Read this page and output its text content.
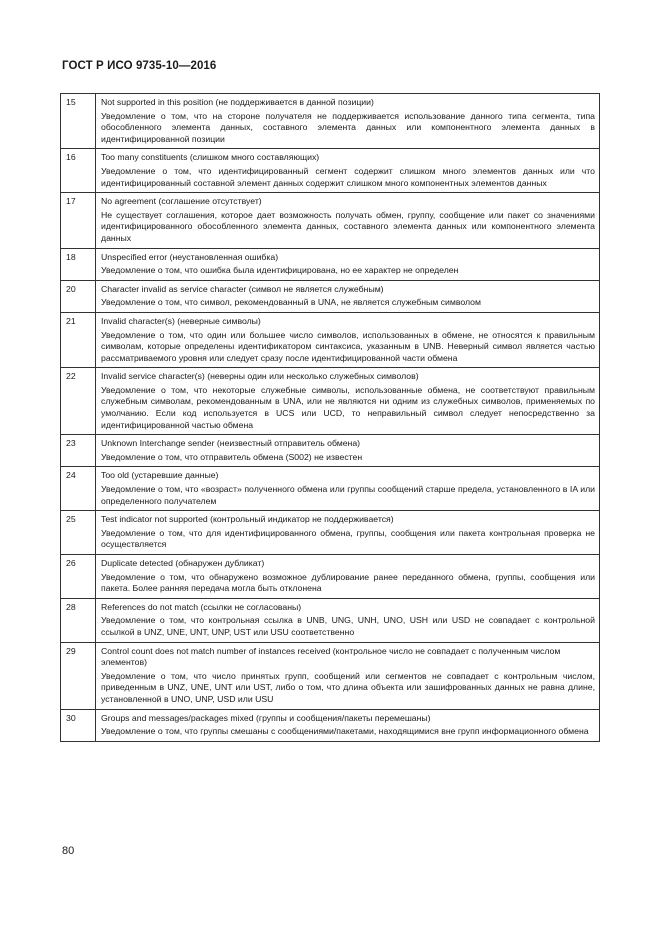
ГОСТ Р ИСО 9735-10—2016
15	Not supported in this position (не поддерживается в данной позиции)
Уведомление о том, что на стороне получателя не поддерживается использование данного типа сегмента, типа обособленного элемента данных, составного элемента данных или компонентного элемента данных в идентифицированной позиции

16	Too many constituents (слишком много составляющих)
Уведомление о том, что идентифицированный сегмент содержит слишком много элементов данных или что идентифицированный составной элемент данных содержит слишком много компонентных элементов данных

17	No agreement (соглашение отсутствует)
Не существует соглашения, которое дает возможность получать обмен, группу, сообщение или пакет со значениями идентифицированного обособленного элемента данных, составного элемента данных или компонентного элемента данных

18	Unspecified error (неустановленная ошибка)
Уведомление о том, что ошибка была идентифицирована, но ее характер не определен

20	Character invalid as service character (символ не является служебным)
Уведомление о том, что символ, рекомендованный в UNA, не является служебным символом

21	Invalid character(s) (неверные символы)
Уведомление о том, что один или большее число символов, использованных в обмене, не относятся к правильным символам, которые определены идентификатором синтаксиса, указанным в UNB. Неверный символ является частью рассматриваемого уровня или следует сразу после идентифицированной части обмена

22	Invalid service character(s) (неверны один или несколько служебных символов)
Уведомление о том, что некоторые служебные символы, использованные обмена, не соответствуют правильным служебным символам, рекомендованным в UNA, или не являются ни одним из служебных символов, применяемых по умолчанию. Если код используется в UCS или UCD, то неправильный символ следует непосредственно за идентифицированной частью обмена

23	Unknown Interchange sender (неизвестный отправитель обмена)
Уведомление о том, что отправитель обмена (S002) не известен

24	Too old (устаревшие данные)
Уведомление о том, что «возраст» полученного обмена или группы сообщений старше предела, установленного в IA или определенного получателем

25	Test indicator not supported (контрольный индикатор не поддерживается)
Уведомление о том, что для идентифицированного обмена, группы, сообщения или пакета контрольная проверка не осуществляется

26	Duplicate detected (обнаружен дубликат)
Уведомление о том, что обнаружено возможное дублирование ранее переданного обмена, группы, сообщения или пакета. Более ранняя передача могла быть отклонена

28	References do not match (ссылки не согласованы)
Уведомление о том, что контрольная ссылка в UNB, UNG, UNH, UNO, USH или USD не совпадает с контрольной ссылкой в UNZ, UNE, UNT, UNP, UST или USU соответственно

29	Control count does not match number of instances received (контрольное число не совпадает с полученным числом элементов)
Уведомление о том, что число принятых групп, сообщений или сегментов не совпадает с контрольным числом, приведенным в UNZ, UNE, UNT или UST, либо о том, что длина объекта или зашифрованных данных не равна длине, установленной в UNO, UNP, USD или USU

30	Groups and messages/packages mixed (группы и сообщения/пакеты перемешаны)
Уведомление о том, что группы смешаны с сообщениями/пакетами, находящимися вне групп информационного обмена
80
